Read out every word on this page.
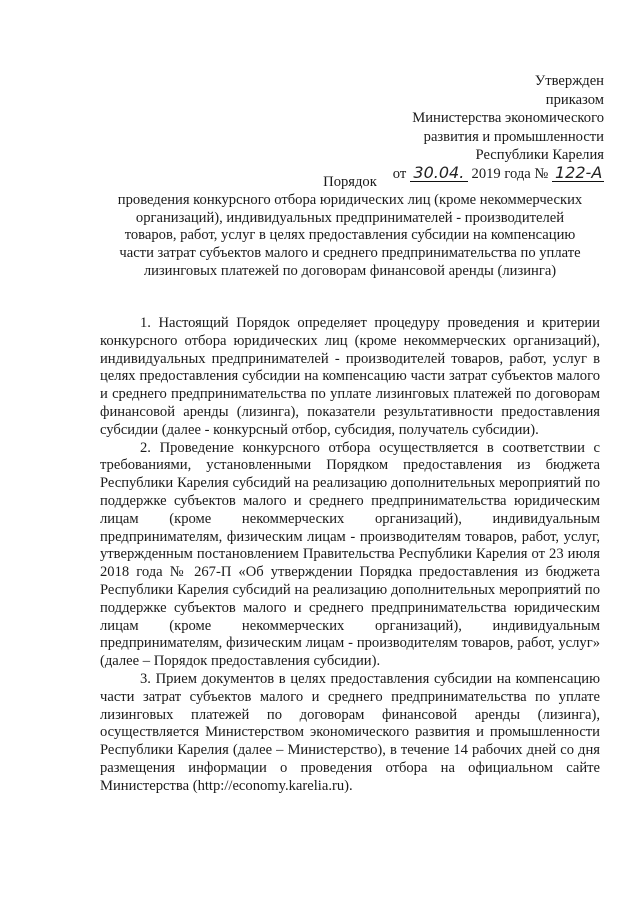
Утвержден
приказом
Министерства экономического
развития и промышленности
Республики Карелия
от 30.04. 2019 года № 122-А
Порядок
проведения конкурсного отбора юридических лиц (кроме некоммерческих организаций), индивидуальных предпринимателей - производителей товаров, работ, услуг в целях предоставления субсидии на компенсацию части затрат субъектов малого и среднего предпринимательства по уплате лизинговых платежей по договорам финансовой аренды (лизинга)

1. Настоящий Порядок определяет процедуру проведения и критерии конкурсного отбора юридических лиц (кроме некоммерческих организаций), индивидуальных предпринимателей - производителей товаров, работ, услуг в целях предоставления субсидии на компенсацию части затрат субъектов малого и среднего предпринимательства по уплате лизинговых платежей по договорам финансовой аренды (лизинга), показатели результативности предоставления субсидии (далее - конкурсный отбор, субсидия, получатель субсидии).

2. Проведение конкурсного отбора осуществляется в соответствии с требованиями, установленными Порядком предоставления из бюджета Республики Карелия субсидий на реализацию дополнительных мероприятий по поддержке субъектов малого и среднего предпринимательства юридическим лицам (кроме некоммерческих организаций), индивидуальным предпринимателям, физическим лицам - производителям товаров, работ, услуг, утвержденным постановлением Правительства Республики Карелия от 23 июля 2018 года № 267-П «Об утверждении Порядка предоставления из бюджета Республики Карелия субсидий на реализацию дополнительных мероприятий по поддержке субъектов малого и среднего предпринимательства юридическим лицам (кроме некоммерческих организаций), индивидуальным предпринимателям, физическим лицам - производителям товаров, работ, услуг» (далее – Порядок предоставления субсидии).

3. Прием документов в целях предоставления субсидии на компенсацию части затрат субъектов малого и среднего предпринимательства по уплате лизинговых платежей по договорам финансовой аренды (лизинга), осуществляется Министерством экономического развития и промышленности Республики Карелия (далее – Министерство), в течение 14 рабочих дней со дня размещения информации о проведения отбора на официальном сайте Министерства (http://economy.karelia.ru).
